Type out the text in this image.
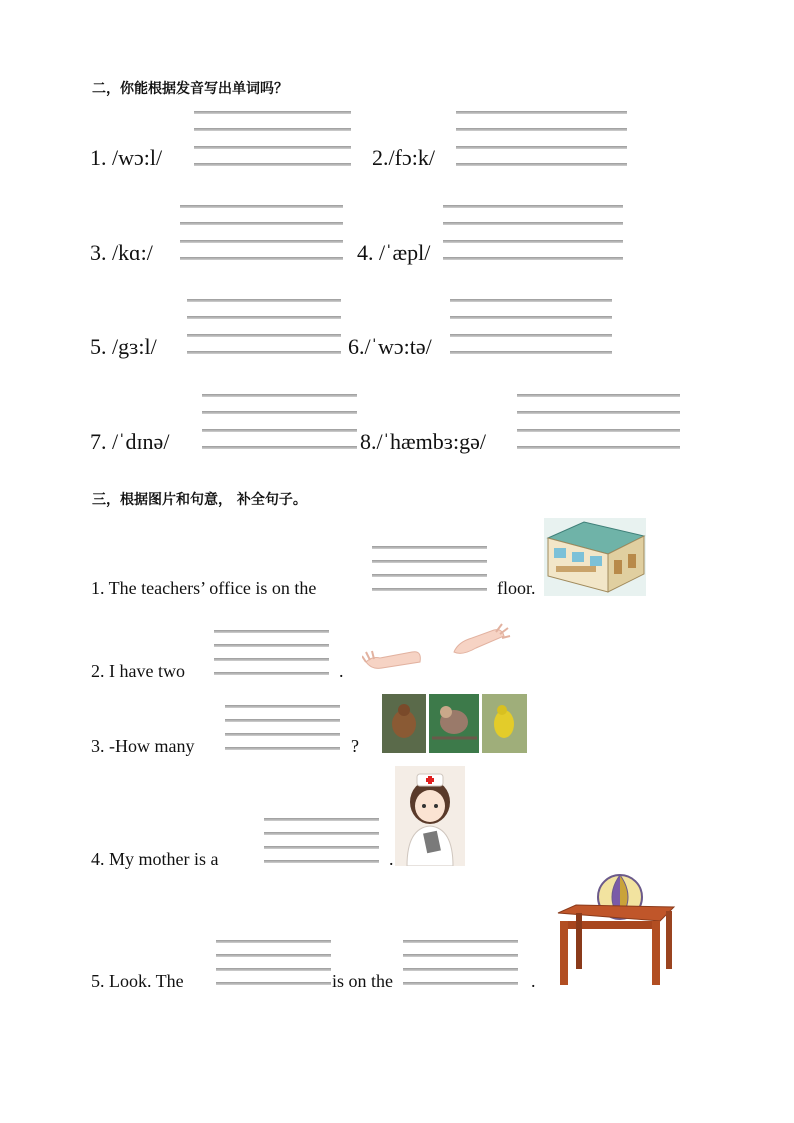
二，你能根据发音写出单词吗？
1. /wɔ:l/	2./fɔ:k/
3. /kɑ:/	4. /ˈæpl/
5. /gɜ:l/	6./ˈwɔ:tə/
7. /ˈdɪnə/	8./ˈhæmbɜ:gə/
三，根据图片和句意， 补全句子。
1. The teachers’ office is on the	floor.
2. I have two	.
3. -How many	?
4. My mother is a	.
5. Look. The	is on the	.
